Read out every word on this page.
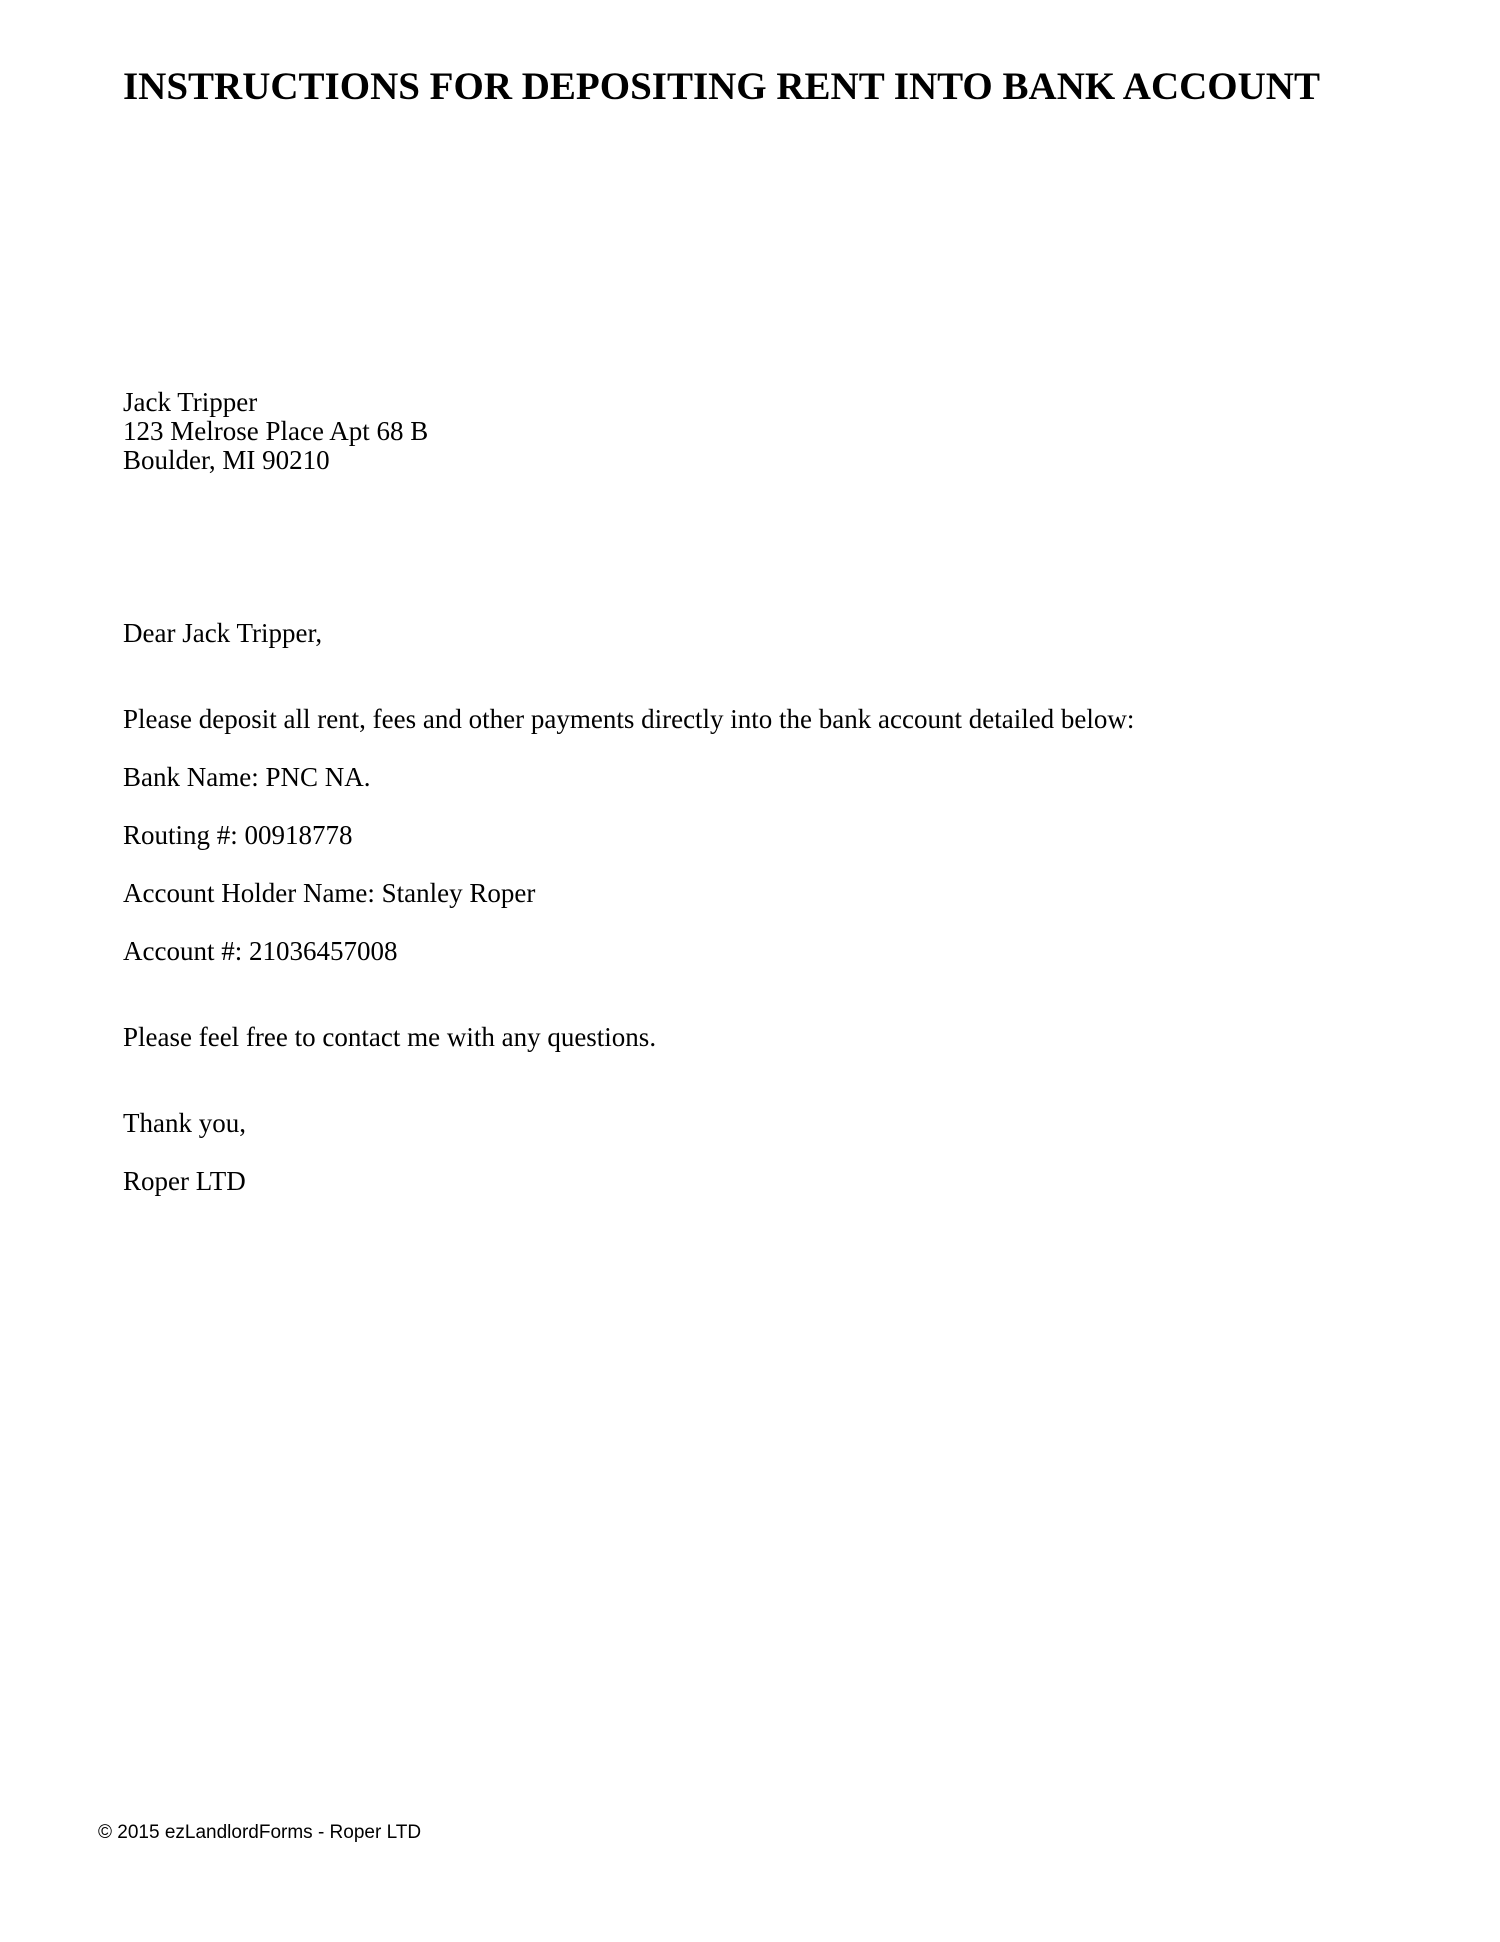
INSTRUCTIONS FOR DEPOSITING RENT INTO BANK ACCOUNT
Jack Tripper
123 Melrose Place Apt 68 B
Boulder, MI 90210
Dear Jack Tripper,
Please deposit all rent, fees and other payments directly into the bank account detailed below:
Bank Name: PNC NA.
Routing #: 00918778
Account Holder Name: Stanley Roper
Account #: 21036457008
Please feel free to contact me with any questions.
Thank you,
Roper LTD
© 2015 ezLandlordForms - Roper LTD
